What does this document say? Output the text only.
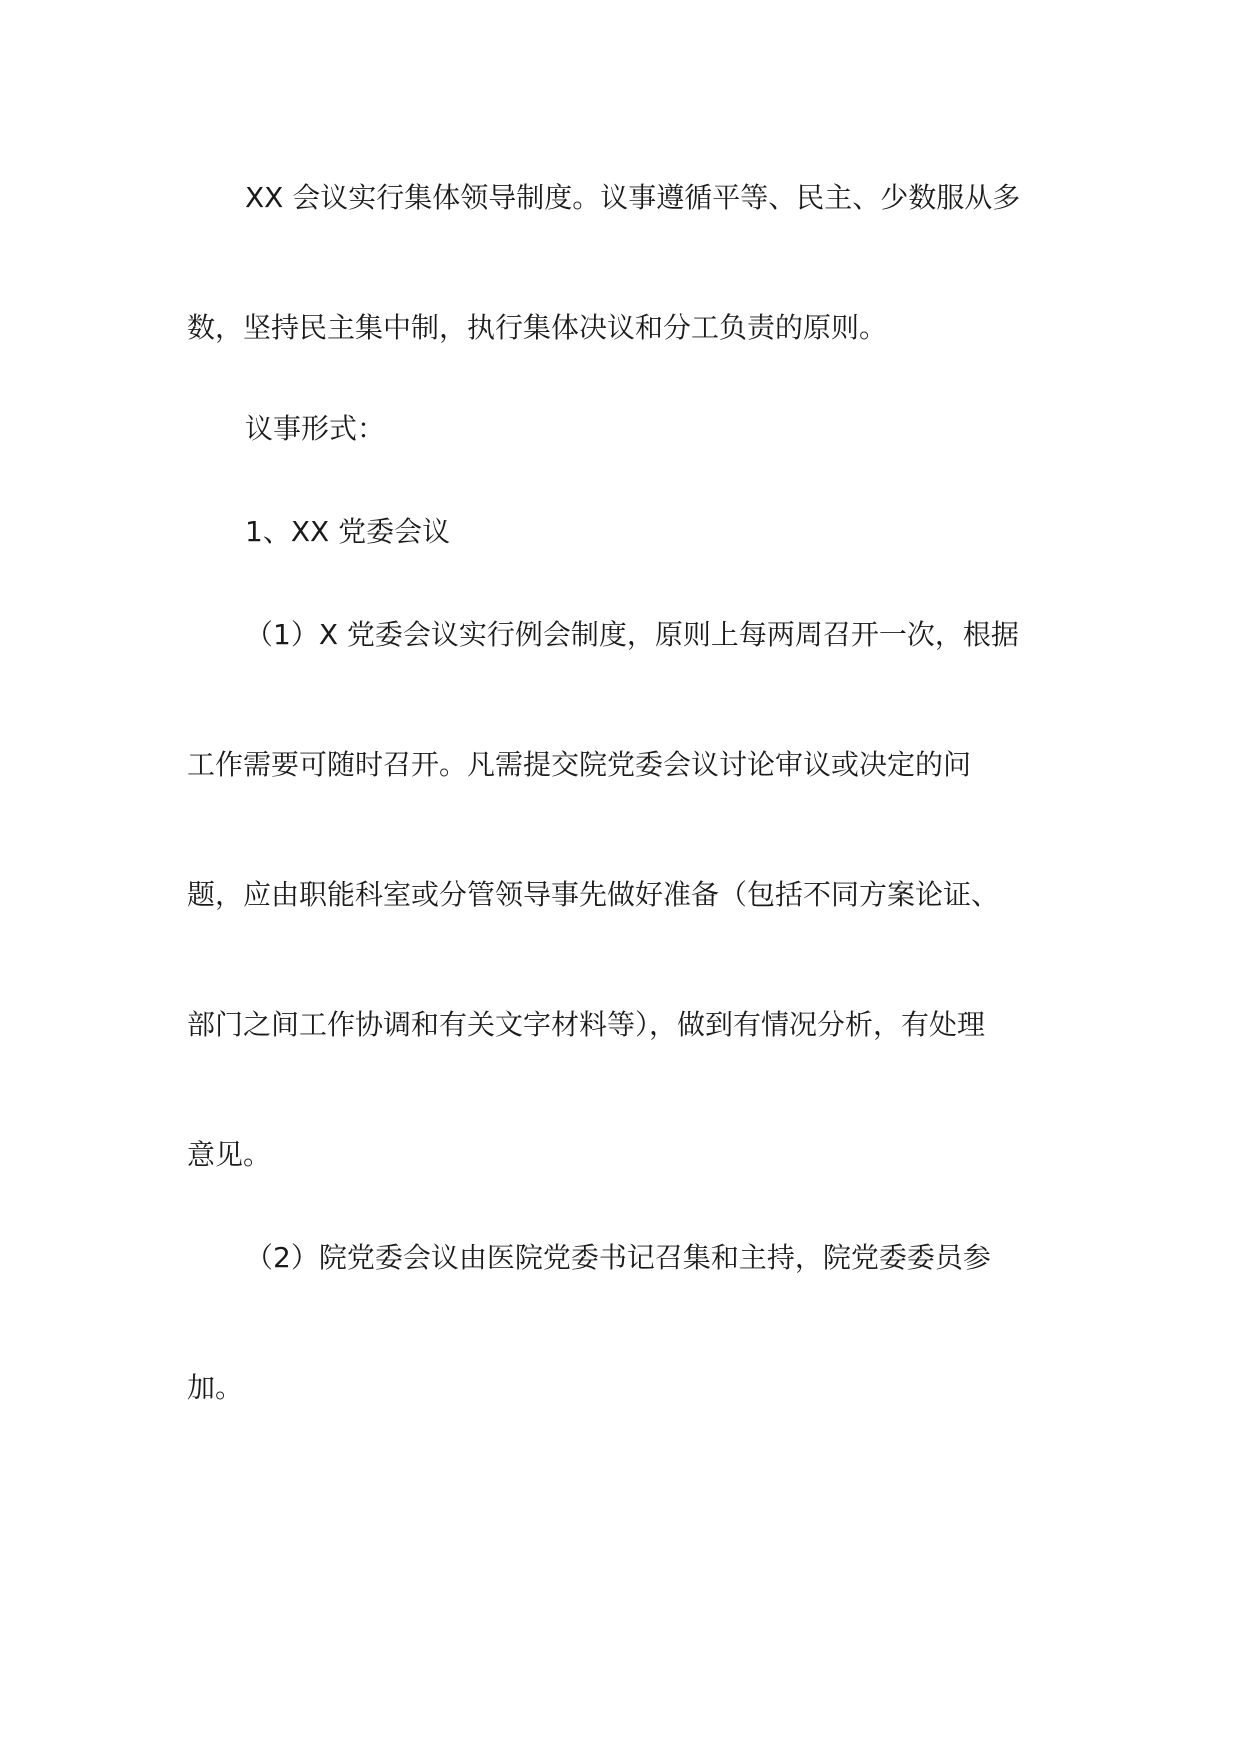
XX 会议实行集体领导制度。议事遵循平等、民主、少数服从多
数，坚持民主集中制，执行集体决议和分工负责的原则。
议事形式：
1、XX 党委会议
（1）X 党委会议实行例会制度，原则上每两周召开一次，根据
工作需要可随时召开。凡需提交院党委会议讨论审议或决定的问
题，应由职能科室或分管领导事先做好准备（包括不同方案论证、
部门之间工作协调和有关文字材料等），做到有情况分析，有处理
意见。
（2）院党委会议由医院党委书记召集和主持，院党委委员参
加。
